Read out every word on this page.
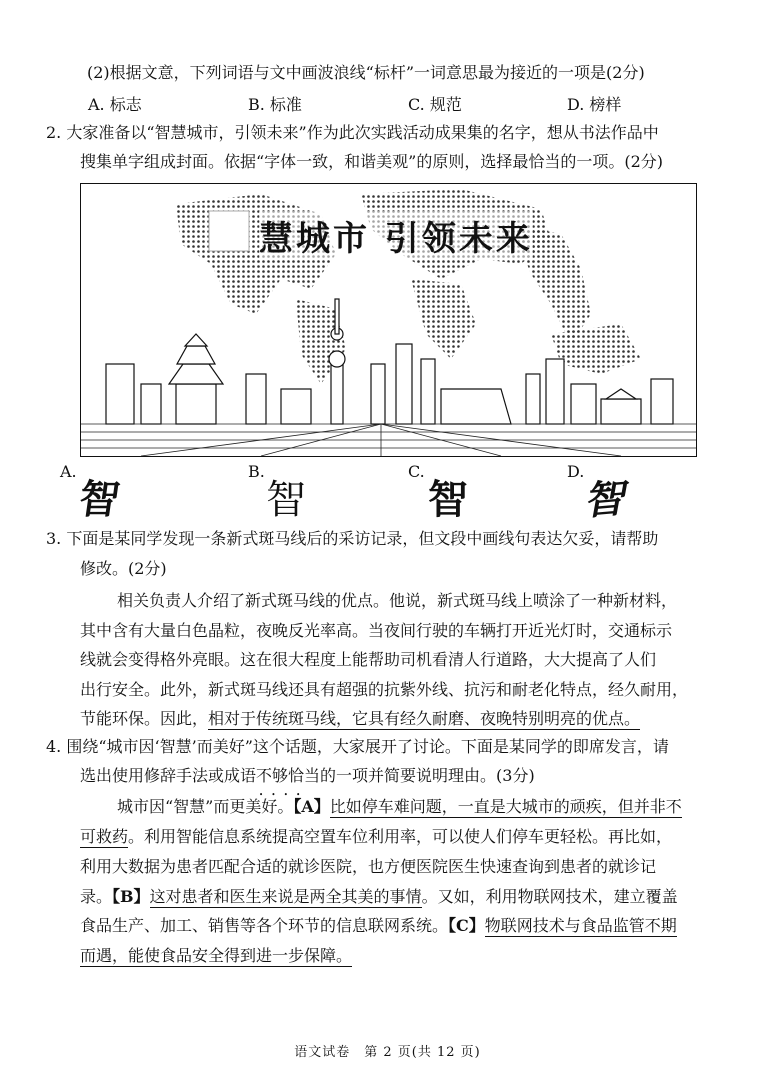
(2)根据文意，下列词语与文中画波浪线“标杆”一词意思最为接近的一项是(2分)
A. 标志	B. 标准	C. 规范	D. 榜样
2. 大家准备以“智慧城市，引领未来”作为此次实践活动成果集的名字，想从书法作品中
搜集单字组成封面。依据“字体一致，和谐美观”的原则，选择最恰当的一项。(2分)
慧城市 引领未来
A.
智
B.
智
C.
智
D.
智
3. 下面是某同学发现一条新式斑马线后的采访记录，但文段中画线句表达欠妥，请帮助
修改。(2分)
相关负责人介绍了新式斑马线的优点。他说，新式斑马线上喷涂了一种新材料，
其中含有大量白色晶粒，夜晚反光率高。当夜间行驶的车辆打开近光灯时，交通标示
线就会变得格外亮眼。这在很大程度上能帮助司机看清人行道路，大大提高了人们
出行安全。此外，新式斑马线还具有超强的抗紫外线、抗污和耐老化特点，经久耐用，
节能环保。因此，相对于传统斑马线，它具有经久耐磨、夜晚特别明亮的优点。
4. 围绕“城市因‘智慧’而美好”这个话题，大家展开了讨论。下面是某同学的即席发言，请
选出使用修辞手法或成语不够恰当 • • • •的一项并简要说明理由。(3分)
城市因“智慧”而更美好。【A】比如停车难问题，一直是大城市的顽疾，但并非不
可救药。利用智能信息系统提高空置车位利用率，可以使人们停车更轻松。再比如，
利用大数据为患者匹配合适的就诊医院，也方便医院医生快速查询到患者的就诊记
录。【B】这对患者和医生来说是两全其美的事情。又如，利用物联网技术，建立覆盖
食品生产、加工、销售等各个环节的信息联网系统。【C】物联网技术与食品监管不期
而遇，能使食品安全得到进一步保障。
语文试卷　第 2 页(共 12 页)
